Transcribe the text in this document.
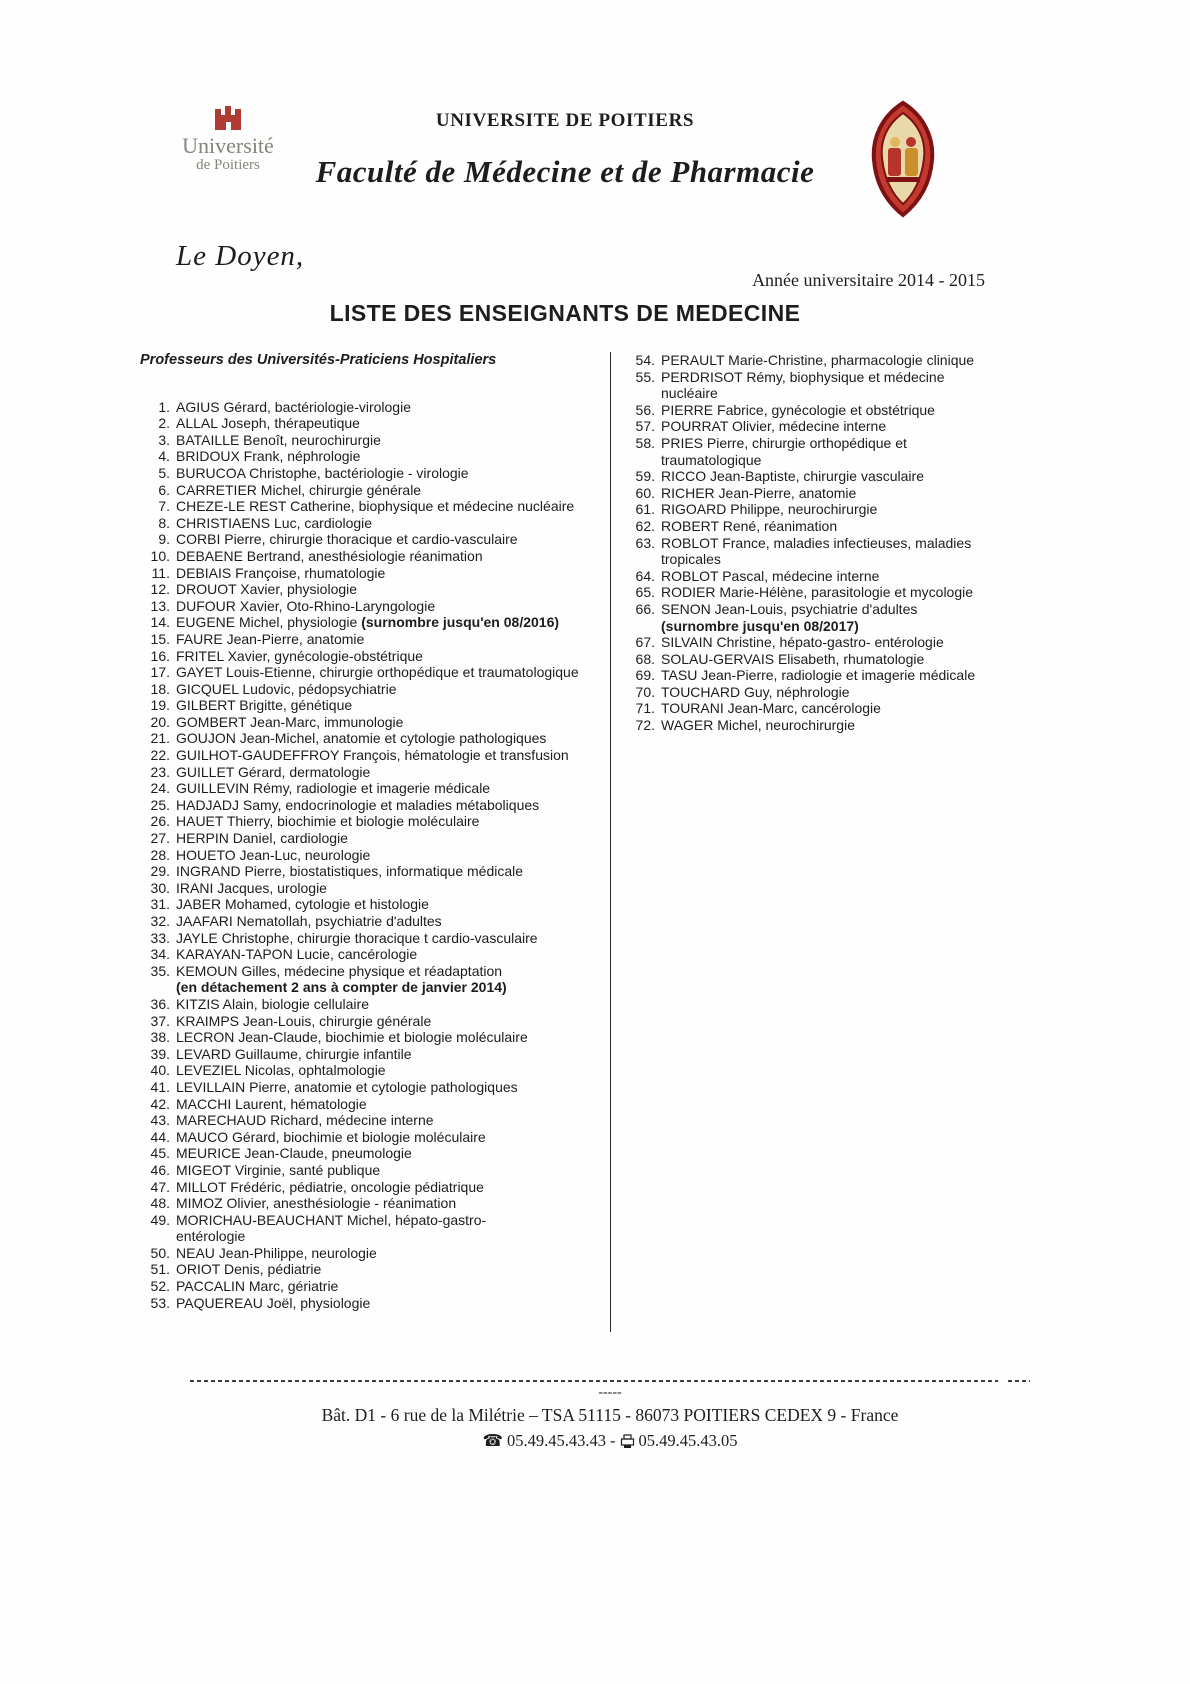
Université
de Poitiers
UNIVERSITE DE POITIERS
Faculté de Médecine et de Pharmacie
Le Doyen,
Année universitaire 2014 - 2015
LISTE DES ENSEIGNANTS DE MEDECINE
Professeurs des Universités-Praticiens Hospitaliers
1. AGIUS Gérard, bactériologie-virologie
2. ALLAL Joseph, thérapeutique
3. BATAILLE Benoît, neurochirurgie
4. BRIDOUX Frank, néphrologie
5. BURUCOA Christophe, bactériologie - virologie
6. CARRETIER Michel, chirurgie générale
7. CHEZE-LE REST Catherine, biophysique et médecine nucléaire
8. CHRISTIAENS Luc, cardiologie
9. CORBI Pierre, chirurgie thoracique et cardio-vasculaire
10. DEBAENE Bertrand, anesthésiologie réanimation
11. DEBIAIS Françoise, rhumatologie
12. DROUOT Xavier, physiologie
13. DUFOUR Xavier, Oto-Rhino-Laryngologie
14. EUGENE Michel, physiologie (surnombre jusqu'en 08/2016)
15. FAURE Jean-Pierre, anatomie
16. FRITEL Xavier, gynécologie-obstétrique
17. GAYET Louis-Etienne, chirurgie orthopédique et traumatologique
18. GICQUEL Ludovic, pédopsychiatrie
19. GILBERT Brigitte, génétique
20. GOMBERT Jean-Marc, immunologie
21. GOUJON Jean-Michel, anatomie et cytologie pathologiques
22. GUILHOT-GAUDEFFROY François, hématologie et transfusion
23. GUILLET Gérard, dermatologie
24. GUILLEVIN Rémy, radiologie et imagerie médicale
25. HADJADJ Samy, endocrinologie et maladies métaboliques
26. HAUET Thierry, biochimie et biologie moléculaire
27. HERPIN Daniel, cardiologie
28. HOUETO Jean-Luc, neurologie
29. INGRAND Pierre, biostatistiques, informatique médicale
30. IRANI Jacques, urologie
31. JABER Mohamed, cytologie et histologie
32. JAAFARI Nematollah, psychiatrie d'adultes
33. JAYLE Christophe, chirurgie thoracique t cardio-vasculaire
34. KARAYAN-TAPON Lucie, cancérologie
35. KEMOUN Gilles, médecine physique et réadaptation
(en détachement 2 ans à compter de janvier 2014)
36. KITZIS Alain, biologie cellulaire
37. KRAIMPS Jean-Louis, chirurgie générale
38. LECRON Jean-Claude, biochimie et biologie moléculaire
39. LEVARD Guillaume, chirurgie infantile
40. LEVEZIEL Nicolas, ophtalmologie
41. LEVILLAIN Pierre, anatomie et cytologie pathologiques
42. MACCHI Laurent, hématologie
43. MARECHAUD Richard, médecine interne
44. MAUCO Gérard, biochimie et biologie moléculaire
45. MEURICE Jean-Claude, pneumologie
46. MIGEOT Virginie, santé publique
47. MILLOT Frédéric, pédiatrie, oncologie pédiatrique
48. MIMOZ Olivier, anesthésiologie - réanimation
49. MORICHAU-BEAUCHANT Michel, hépato-gastro-
entérologie
50. NEAU Jean-Philippe, neurologie
51. ORIOT Denis, pédiatrie
52. PACCALIN Marc, gériatrie
53. PAQUEREAU Joël, physiologie
54. PERAULT Marie-Christine, pharmacologie clinique
55. PERDRISOT Rémy, biophysique et médecine nucléaire
56. PIERRE Fabrice, gynécologie et obstétrique
57. POURRAT Olivier, médecine interne
58. PRIES Pierre, chirurgie orthopédique et
traumatologique
59. RICCO Jean-Baptiste, chirurgie vasculaire
60. RICHER Jean-Pierre, anatomie
61. RIGOARD Philippe, neurochirurgie
62. ROBERT René, réanimation
63. ROBLOT France, maladies infectieuses, maladies
tropicales
64. ROBLOT Pascal, médecine interne
65. RODIER Marie-Hélène, parasitologie et mycologie
66. SENON Jean-Louis, psychiatrie d'adultes (surnombre jusqu'en 08/2017)
67. SILVAIN Christine, hépato-gastro- entérologie
68. SOLAU-GERVAIS Elisabeth, rhumatologie
69. TASU Jean-Pierre, radiologie et imagerie médicale
70. TOUCHARD Guy, néphrologie
71. TOURANI Jean-Marc, cancérologie
72. WAGER Michel, neurochirurgie
-----
Bât. D1 - 6 rue de la Milétrie – TSA 51115 - 86073 POITIERS CEDEX 9 - France
☎ 05.49.45.43.43 - 05.49.45.43.05
